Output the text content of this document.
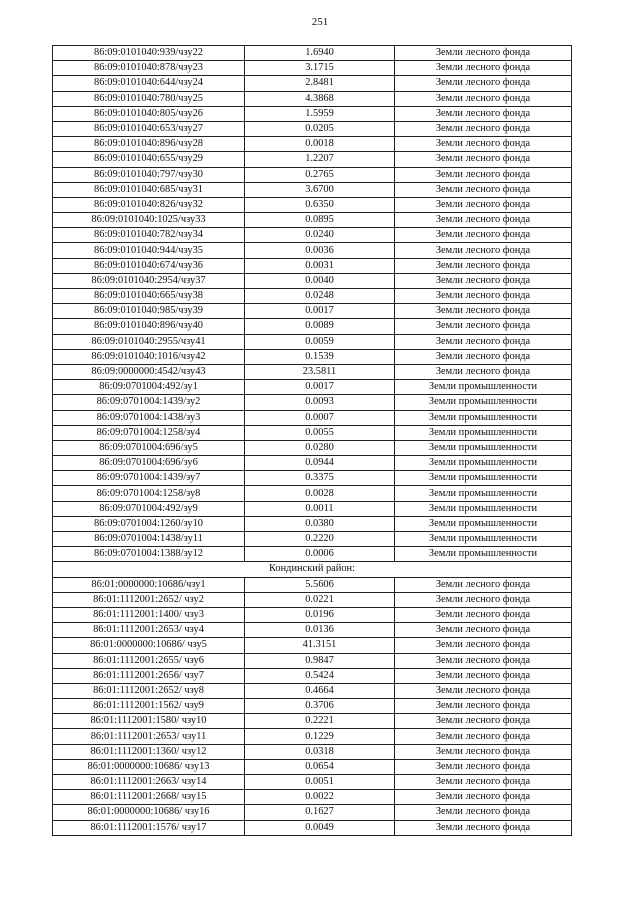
251
86:09:0101040:939/чзу22	1.6940	Земли лесного фонда
86:09:0101040:878/чзу23	3.1715	Земли лесного фонда
86:09:0101040:644/чзу24	2.8481	Земли лесного фонда
86:09:0101040:780/чзу25	4.3868	Земли лесного фонда
86:09:0101040:805/чзу26	1.5959	Земли лесного фонда
86:09:0101040:653/чзу27	0.0205	Земли лесного фонда
86:09:0101040:896/чзу28	0.0018	Земли лесного фонда
86:09:0101040:655/чзу29	1.2207	Земли лесного фонда
86:09:0101040:797/чзу30	0.2765	Земли лесного фонда
86:09:0101040:685/чзу31	3.6700	Земли лесного фонда
86:09:0101040:826/чзу32	0.6350	Земли лесного фонда
86:09:0101040:1025/чзу33	0.0895	Земли лесного фонда
86:09:0101040:782/чзу34	0.0240	Земли лесного фонда
86:09:0101040:944/чзу35	0.0036	Земли лесного фонда
86:09:0101040:674/чзу36	0.0031	Земли лесного фонда
86:09:0101040:2954/чзу37	0.0040	Земли лесного фонда
86:09:0101040:665/чзу38	0.0248	Земли лесного фонда
86:09:0101040:985/чзу39	0.0017	Земли лесного фонда
86:09:0101040:896/чзу40	0.0089	Земли лесного фонда
86:09:0101040:2955/чзу41	0.0059	Земли лесного фонда
86:09:0101040:1016/чзу42	0.1539	Земли лесного фонда
86:09:0000000:4542/чзу43	23.5811	Земли лесного фонда
86:09:0701004:492/зу1	0.0017	Земли промышленности
86:09:0701004:1439/зу2	0.0093	Земли промышленности
86:09:0701004:1438/зу3	0.0007	Земли промышленности
86:09:0701004:1258/зу4	0.0055	Земли промышленности
86:09:0701004:696/зу5	0.0280	Земли промышленности
86:09:0701004:696/зу6	0.0944	Земли промышленности
86:09:0701004:1439/зу7	0.3375	Земли промышленности
86:09:0701004:1258/зу8	0.0028	Земли промышленности
86:09:0701004:492/зу9	0.0011	Земли промышленности
86:09:0701004:1260/зу10	0.0380	Земли промышленности
86:09:0701004:1438/зу11	0.2220	Земли промышленности
86:09:0701004:1388/зу12	0.0006	Земли промышленности
Кондинский район:		
86:01:0000000:10686/чзу1	5.5606	Земли лесного фонда
86:01:1112001:2652/ чзу2	0.0221	Земли лесного фонда
86:01:1112001:1400/ чзу3	0.0196	Земли лесного фонда
86:01:1112001:2653/ чзу4	0.0136	Земли лесного фонда
86:01:0000000:10686/ чзу5	41.3151	Земли лесного фонда
86:01:1112001:2655/ чзу6	0.9847	Земли лесного фонда
86:01:1112001:2656/ чзу7	0.5424	Земли лесного фонда
86:01:1112001:2652/ чзу8	0.4664	Земли лесного фонда
86:01:1112001:1562/ чзу9	0.3706	Земли лесного фонда
86:01:1112001:1580/ чзу10	0.2221	Земли лесного фонда
86:01:1112001:2653/ чзу11	0.1229	Земли лесного фонда
86:01:1112001:1360/ чзу12	0.0318	Земли лесного фонда
86:01:0000000:10686/ чзу13	0.0654	Земли лесного фонда
86:01:1112001:2663/ чзу14	0.0051	Земли лесного фонда
86:01:1112001:2668/ чзу15	0.0022	Земли лесного фонда
86:01:0000000:10686/ чзу16	0.1627	Земли лесного фонда
86:01:1112001:1576/ чзу17	0.0049	Земли лесного фонда
